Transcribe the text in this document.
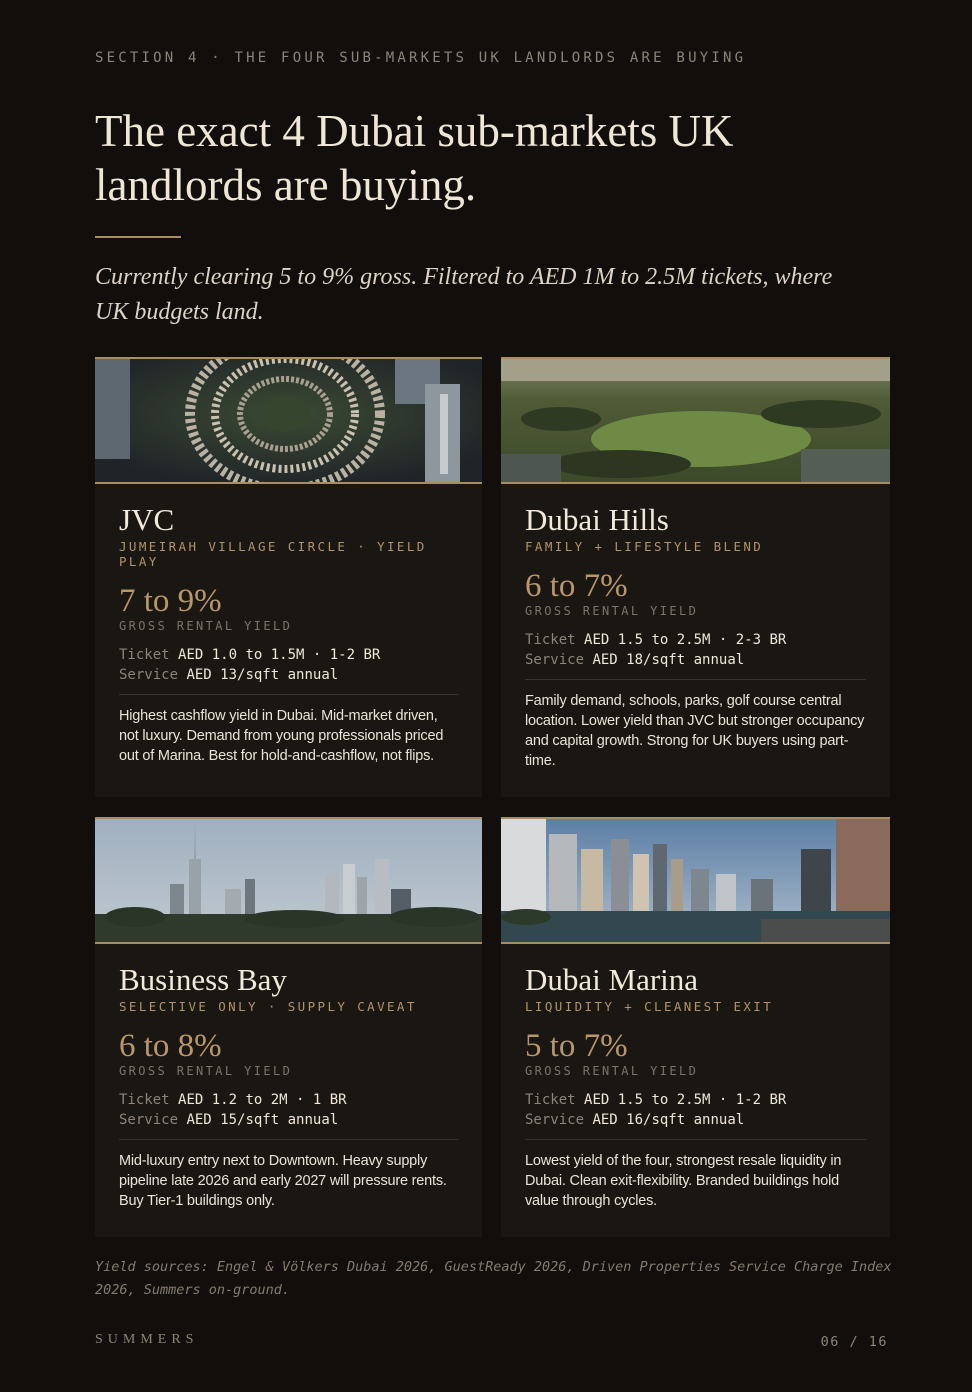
SECTION 4 · THE FOUR SUB-MARKETS UK LANDLORDS ARE BUYING
The exact 4 Dubai sub-markets UK landlords are buying.

Currently clearing 5 to 9% gross. Filtered to AED 1M to 2.5M tickets, where UK budgets land.

JVC
JUMEIRAH VILLAGE CIRCLE · YIELD PLAY
7 to 9%
GROSS RENTAL YIELD
Ticket AED 1.0 to 1.5M · 1-2 BR
Service AED 13/sqft annual

Highest cashflow yield in Dubai. Mid-market driven, not luxury. Demand from young professionals priced out of Marina. Best for hold-and-cashflow, not flips.

Dubai Hills
FAMILY + LIFESTYLE BLEND
6 to 7%
GROSS RENTAL YIELD
Ticket AED 1.5 to 2.5M · 2-3 BR
Service AED 18/sqft annual

Family demand, schools, parks, golf course central location. Lower yield than JVC but stronger occupancy and capital growth. Strong for UK buyers using part-time.

Business Bay
SELECTIVE ONLY · SUPPLY CAVEAT
6 to 8%
GROSS RENTAL YIELD
Ticket AED 1.2 to 2M · 1 BR
Service AED 15/sqft annual

Mid-luxury entry next to Downtown. Heavy supply pipeline late 2026 and early 2027 will pressure rents. Buy Tier-1 buildings only.

Dubai Marina
LIQUIDITY + CLEANEST EXIT
5 to 7%
GROSS RENTAL YIELD
Ticket AED 1.5 to 2.5M · 1-2 BR
Service AED 16/sqft annual

Lowest yield of the four, strongest resale liquidity in Dubai. Clean exit-flexibility. Branded buildings hold value through cycles.

Yield sources: Engel & Völkers Dubai 2026, GuestReady 2026, Driven Properties Service Charge Index 2026, Summers on-ground.

SUMMERS	06 / 16
